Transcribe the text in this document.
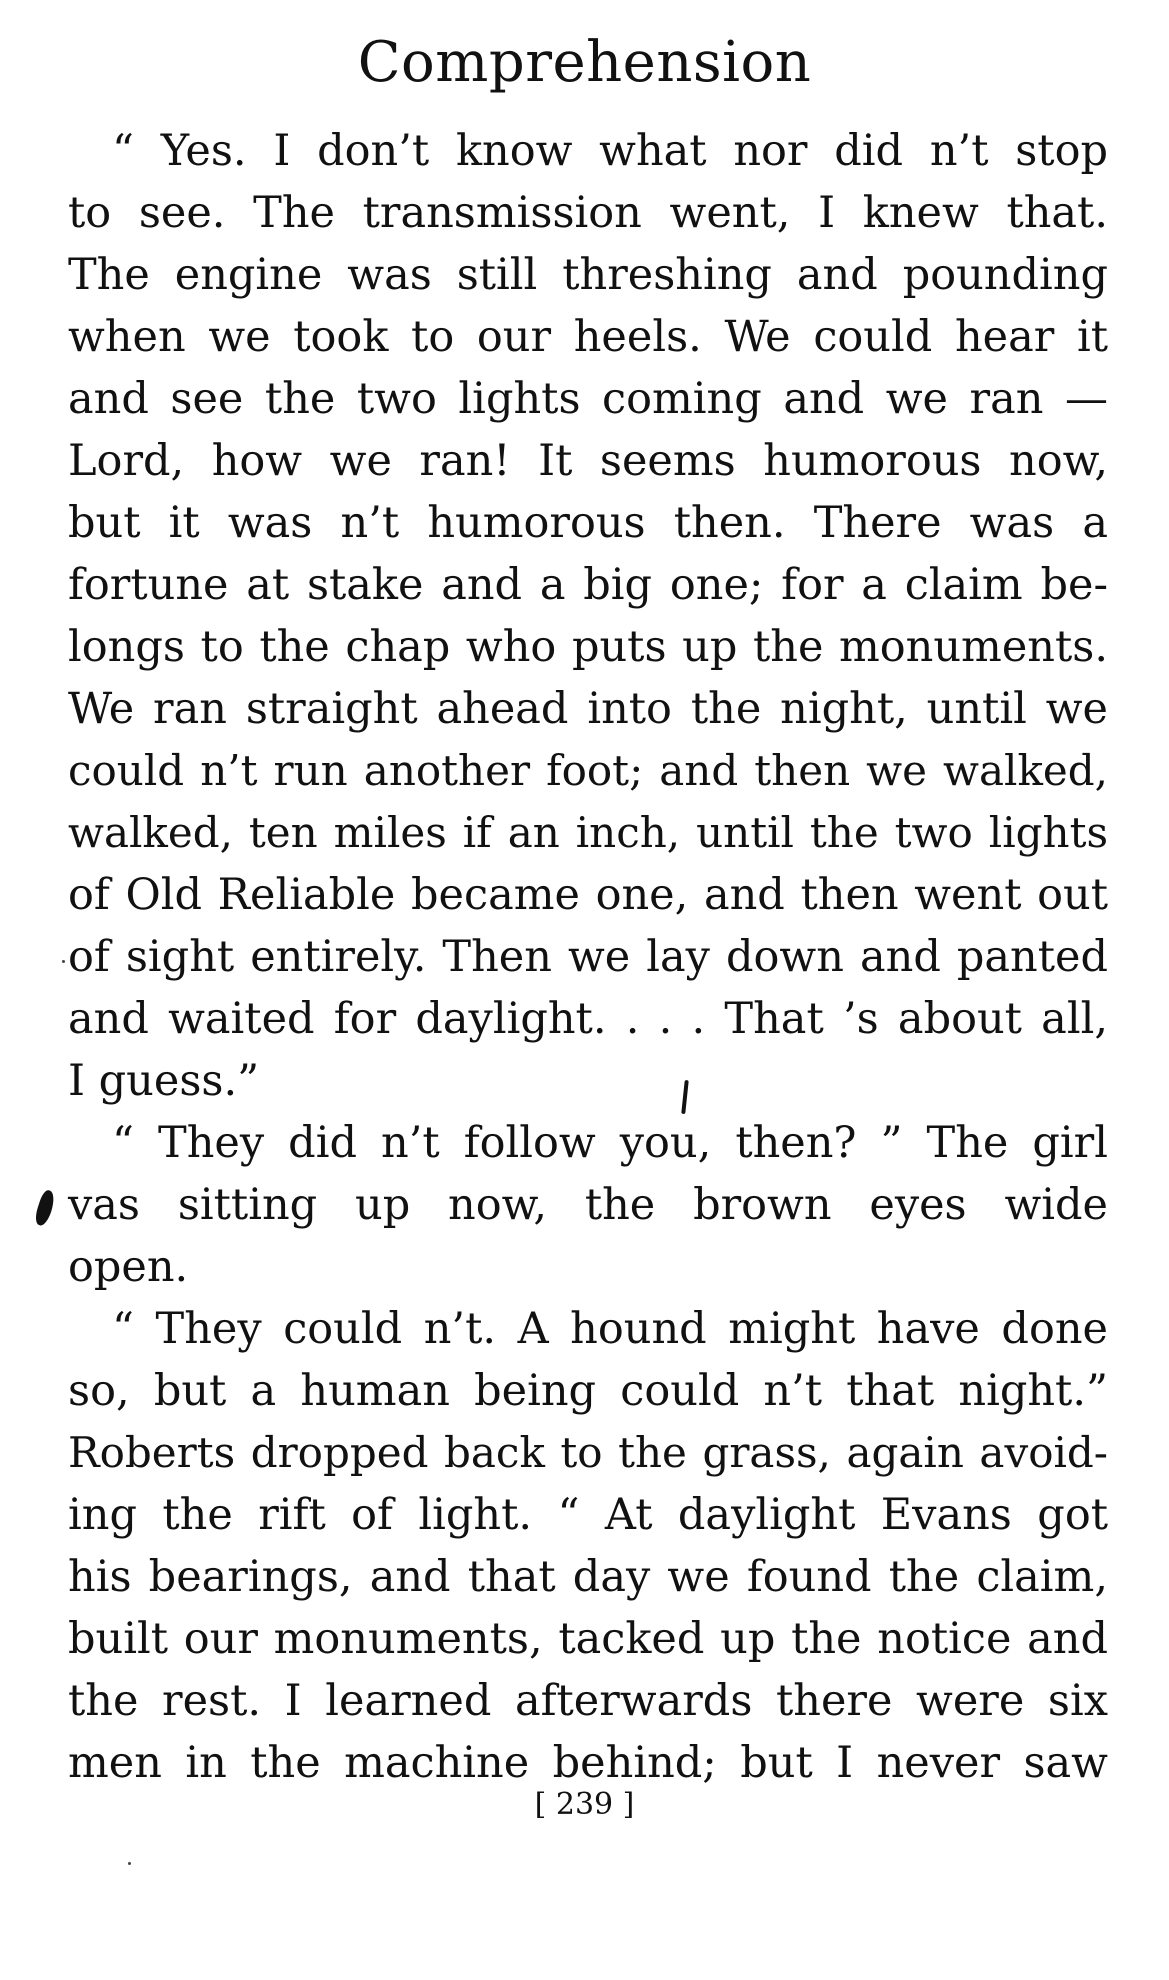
Comprehension
“ Yes. I don’t know what nor did n’t stop
to see. The transmission went, I knew that.
The engine was still threshing and pounding
when we took to our heels. We could hear it
and see the two lights coming and we ran —
Lord, how we ran! It seems humorous now,
but it was n’t humorous then. There was a
fortune at stake and a big one; for a claim be-
longs to the chap who puts up the monuments.
We ran straight ahead into the night, until we
could n’t run another foot; and then we walked,
walked, ten miles if an inch, until the two lights
of Old Reliable became one, and then went out
of sight entirely. Then we lay down and panted
and waited for daylight. . . . That ’s about all,
I guess.”
“ They did n’t follow you, then? ” The girl
vas sitting up now, the brown eyes wide
open.
“ They could n’t. A hound might have done
so, but a human being could n’t that night.”
Roberts dropped back to the grass, again avoid-
ing the rift of light. “ At daylight Evans got
his bearings, and that day we found the claim,
built our monuments, tacked up the notice and
the rest. I learned afterwards there were six
men in the machine behind; but I never saw
[ 239 ]
